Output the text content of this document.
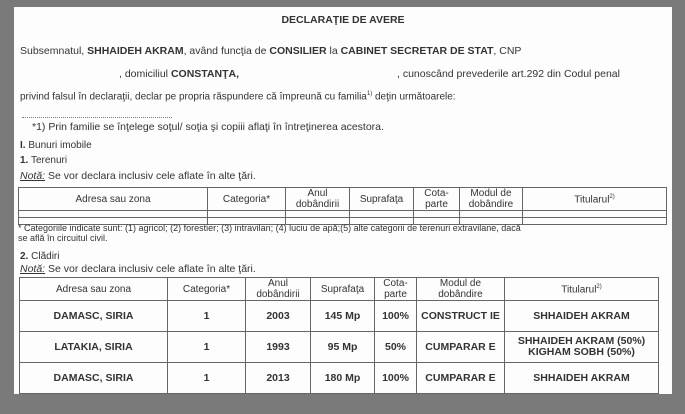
DECLARAŢIE DE AVERE
Subsemnatul, SHHAIDEH AKRAM, având funcţia de CONSILIER la CABINET SECRETAR DE STAT, CNP
, domiciliul CONSTANŢA,	, cunoscând prevederile art.292 din Codul penal
privind falsul în declaraţii, declar pe propria răspundere că împreună cu familia$^{1)}$ deţin următoarele:
*1) Prin familie se înţelege soţul/ soţia şi copiii aflaţi în întreţinerea acestora.
I. Bunuri imobile
1. Terenuri
Notă: Se vor declara inclusiv cele aflate în alte ţări.
Adresa sau zona	Categoria*	Anul dobândirii	Suprafaţa	Cota-parte	Modul de dobândire	Titularul$^{2)}$

* Categoriile indicate sunt: (1) agricol; (2) forestier; (3) intravilan; (4) luciu de apă;(5) alte categorii de terenuri extravilane, dacă
se află în circuitul civil.
2. Clădiri
Notă: Se vor declara inclusiv cele aflate în alte ţări.
Adresa sau zona	Categoria*	Anul dobândirii	Suprafaţa	Cota-parte	Modul de dobândire	Titularul$^{2)}$
DAMASC, SIRIA	1	2003	145 Mp	100%	CONSTRUCT IE	SHHAIDEH AKRAM
LATAKIA, SIRIA	1	1993	95 Mp	50%	CUMPARAR E	SHHAIDEH AKRAM (50%) KIGHAM SOBH (50%)
DAMASC, SIRIA	1	2013	180 Mp	100%	CUMPARAR E	SHHAIDEH AKRAM
